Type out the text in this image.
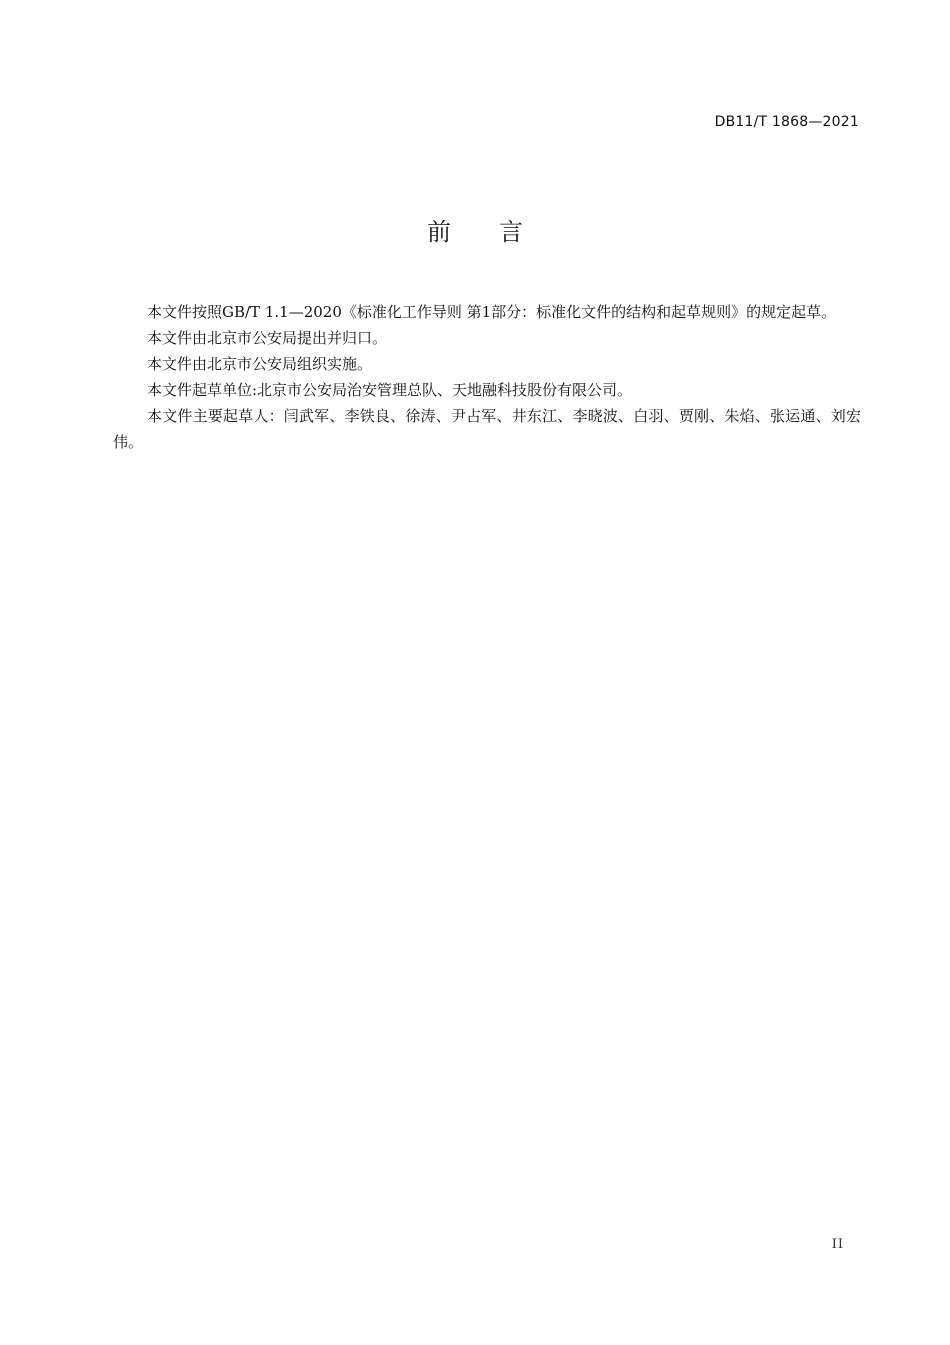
DB11/T 1868—2021
前 言

本文件按照GB/T 1.1—2020《标准化工作导则 第1部分：标准化文件的结构和起草规则》的规定起草。

本文件由北京市公安局提出并归口。

本文件由北京市公安局组织实施。

本文件起草单位:北京市公安局治安管理总队、天地融科技股份有限公司。

本文件主要起草人：闫武军、李铁良、徐涛、尹占军、井东江、李晓波、白羽、贾刚、朱焰、张运通、刘宏伟。

II
